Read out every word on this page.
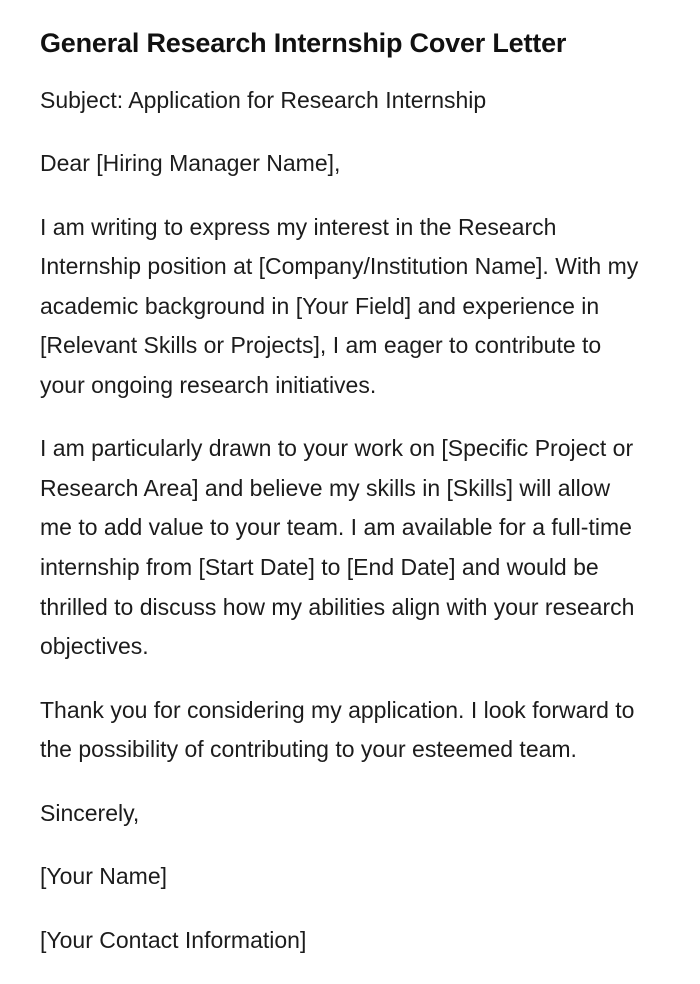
General Research Internship Cover Letter

Subject: Application for Research Internship

Dear [Hiring Manager Name],

I am writing to express my interest in the Research Internship position at [Company/Institution Name]. With my academic background in [Your Field] and experience in [Relevant Skills or Projects], I am eager to contribute to your ongoing research initiatives.

I am particularly drawn to your work on [Specific Project or Research Area] and believe my skills in [Skills] will allow me to add value to your team. I am available for a full-time internship from [Start Date] to [End Date] and would be thrilled to discuss how my abilities align with your research objectives.

Thank you for considering my application. I look forward to the possibility of contributing to your esteemed team.

Sincerely,

[Your Name]

[Your Contact Information]
